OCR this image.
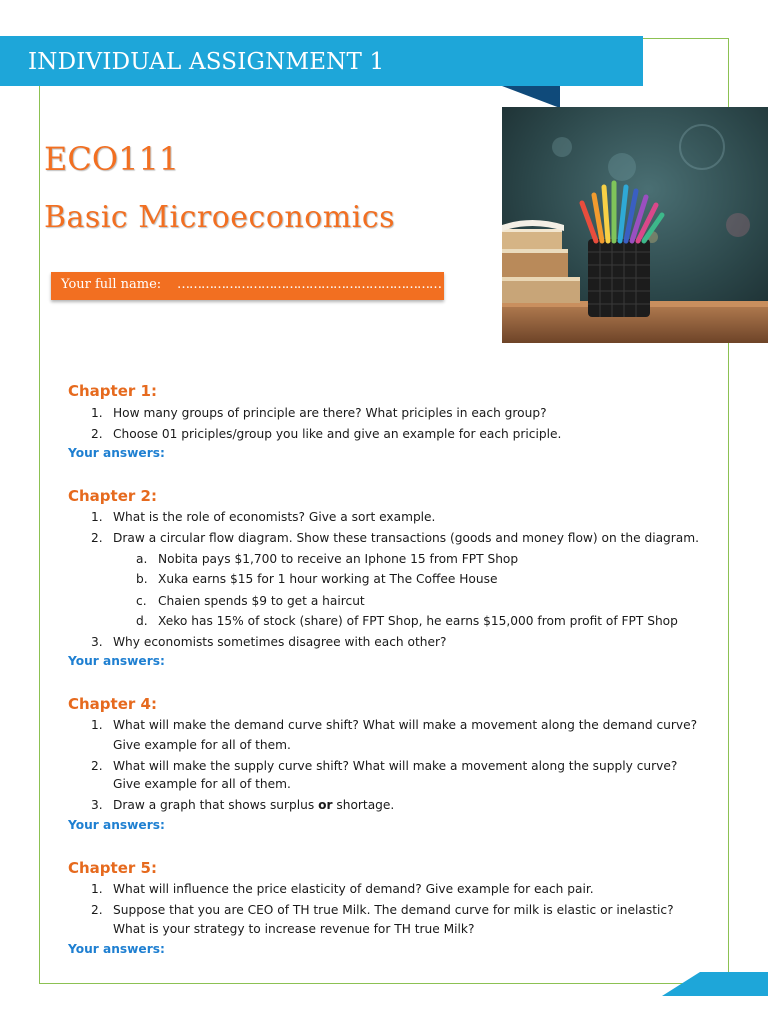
INDIVIDUAL ASSIGNMENT 1
ECO111
Basic Microeconomics
Your full name: …………………………………………………………
Chapter 1:
1. How many groups of principle are there? What priciples in each group?
2. Choose 01 priciples/group you like and give an example for each priciple.
Your answers:
Chapter 2:
1. What is the role of economists? Give a sort example.
2. Draw a circular flow diagram. Show these transactions (goods and money flow) on the diagram.
a. Nobita pays $1,700 to receive an Iphone 15 from FPT Shop
b. Xuka earns $15 for 1 hour working at The Coffee House
c. Chaien spends $9 to get a haircut
d. Xeko has 15% of stock (share) of FPT Shop, he earns $15,000 from profit of FPT Shop
3. Why economists sometimes disagree with each other?
Your answers:
Chapter 4:
1. What will make the demand curve shift? What will make a movement along the demand curve?
Give example for all of them.
2. What will make the supply curve shift? What will make a movement along the supply curve?
Give example for all of them.
3. Draw a graph that shows surplus or shortage.
Your answers:
Chapter 5:
1. What will influence the price elasticity of demand? Give example for each pair.
2. Suppose that you are CEO of TH true Milk. The demand curve for milk is elastic or inelastic?
What is your strategy to increase revenue for TH true Milk?
Your answers:
